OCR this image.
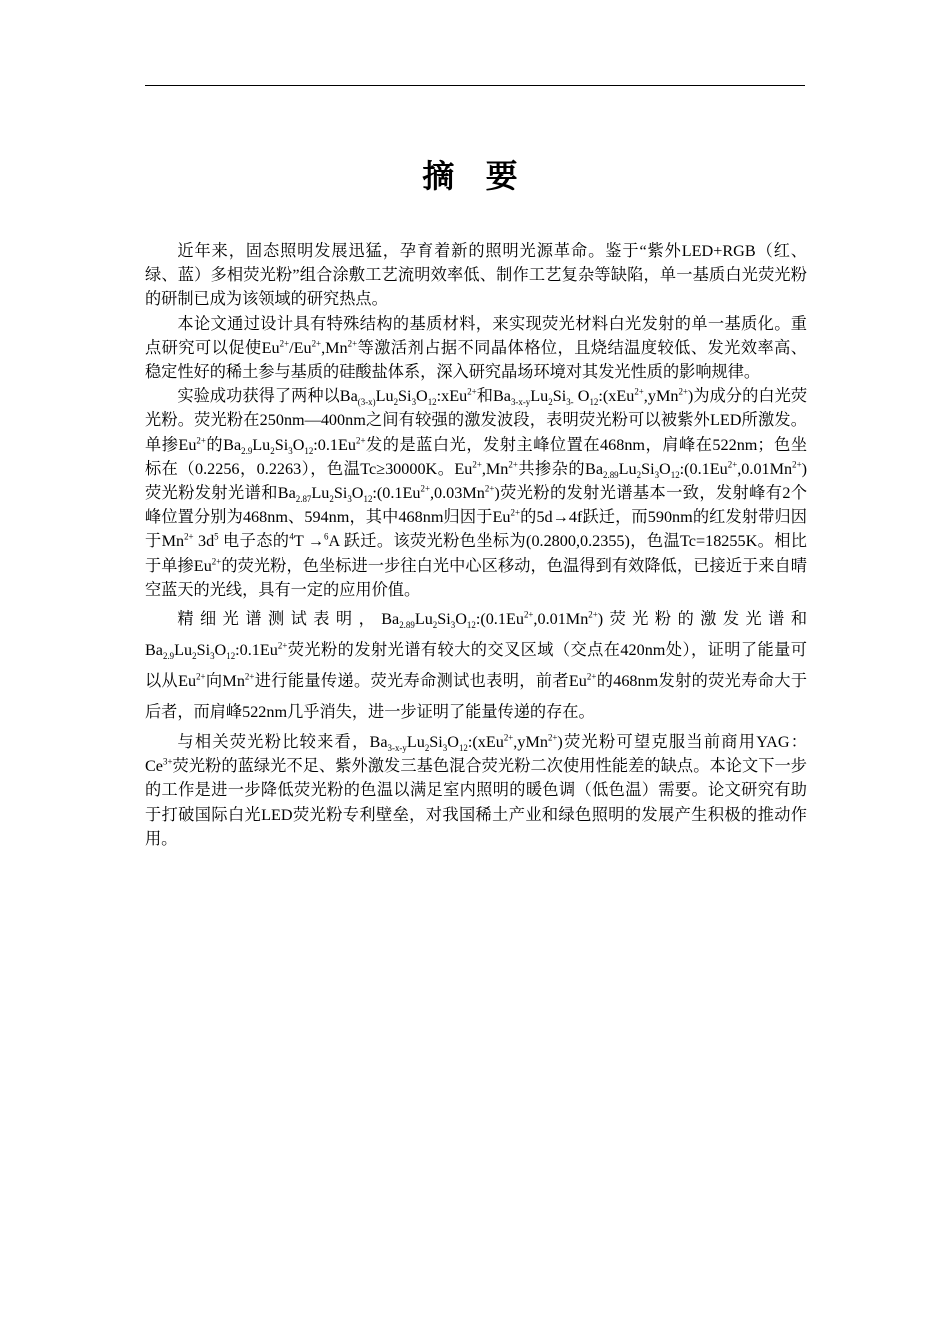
摘 要

近年来，固态照明发展迅猛，孕育着新的照明光源革命。鉴于“紫外LED+RGB（红、绿、蓝）多相荧光粉”组合涂敷工艺流明效率低、制作工艺复杂等缺陷，单一基质白光荧光粉的研制已成为该领域的研究热点。

本论文通过设计具有特殊结构的基质材料，来实现荧光材料白光发射的单一基质化。重点研究可以促使$Eu^{2+}/Eu^{2+},Mn^{2+}$等激活剂占据不同晶体格位，且烧结温度较低、发光效率高、稳定性好的稀土参与基质的硅酸盐体系，深入研究晶场环境对其发光性质的影响规律。

实验成功获得了两种以$Ba_{(3-x)}Lu_2Si_3O_{12}:xEu^{2+}$和$Ba_{3-x-y}Lu_2Si_{3-}$ $O_{12}:(xEu^{2+},yMn^{2+})$为成分的白光荧光粉。荧光粉在250nm—400nm之间有较强的激发波段，表明荧光粉可以被紫外LED所激发。单掺$Eu^{2+}$的$Ba_{2.9}Lu_2Si_3O_{12}:0.1Eu^{2+}$发的是蓝白光，发射主峰位置在468nm，肩峰在522nm；色坐标在（0.2256，0.2263），色温Tc≥30000K。$Eu^{2+},Mn^{2+}$共掺杂的$Ba_{2.89}Lu_2Si_3O_{12}:(0.1Eu^{2+},0.01Mn^{2+})$荧光粉发射光谱和$Ba_{2.87}Lu_2Si_3O_{12}:(0.1Eu^{2+},0.03Mn^{2+})$荧光粉的发射光谱基本一致，发射峰有2个峰位置分别为468nm、594nm，其中468nm归因于$Eu^{2+}$的5d→4f跃迁，而590nm的红发射带归因于$Mn^{2+}$ $3d^5$ 电子态的$^4$T →$^6$A 跃迁。该荧光粉色坐标为(0.2800,0.2355)，色温Tc=18255K。相比于单掺$Eu^{2+}$的荧光粉，色坐标进一步往白光中心区移动，色温得到有效降低，已接近于来自晴空蓝天的光线，具有一定的应用价值。

精细光谱测试表明，$Ba_{2.89}Lu_2Si_3O_{12}:(0.1Eu^{2+},0.01Mn^{2+})$荧光粉的激发光谱和$Ba_{2.9}Lu_2Si_3O_{12}:0.1Eu^{2+}$荧光粉的发射光谱有较大的交叉区域（交点在420nm处），证明了能量可以从$Eu^{2+}$向$Mn^{2+}$进行能量传递。荧光寿命测试也表明，前者$Eu^{2+}$的468nm发射的荧光寿命大于后者，而肩峰522nm几乎消失，进一步证明了能量传递的存在。

与相关荧光粉比较来看，$Ba_{3-x-y}Lu_2Si_3O_{12}:(xEu^{2+},yMn^{2+})$荧光粉可望克服当前商用YAG：$Ce^{3+}$荧光粉的蓝绿光不足、紫外激发三基色混合荧光粉二次使用性能差的缺点。本论文下一步的工作是进一步降低荧光粉的色温以满足室内照明的暖色调（低色温）需要。论文研究有助于打破国际白光LED荧光粉专利壁垒，对我国稀土产业和绿色照明的发展产生积极的推动作用。
